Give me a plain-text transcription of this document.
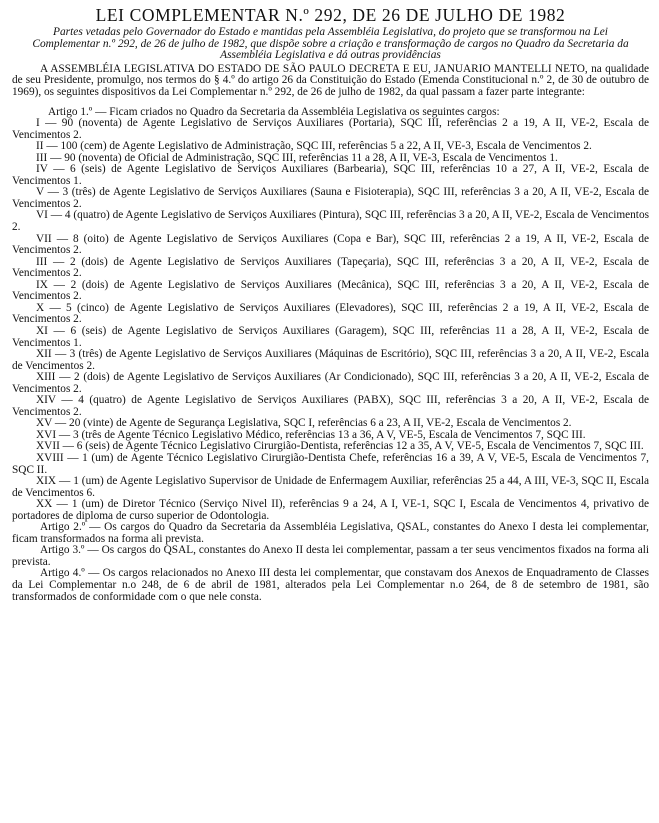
LEI COMPLEMENTAR N.º 292, DE 26 DE JULHO DE 1982
Partes vetadas pelo Governador do Estado e mantidas pela Assembléia Legislativa, do projeto que se transformou na Lei Complementar n.º 292, de 26 de julho de 1982, que dispõe sobre a criação e transformação de cargos no Quadro da Secretaria da Assembléia Legislativa e dá outras providências
A ASSEMBLÉIA LEGISLATIVA DO ESTADO DE SÃO PAULO DECRETA E EU, JANUARIO MANTELLI NETO, na qualidade de seu Presidente, promulgo, nos termos do § 4.º do artigo 26 da Constituição do Estado (Emenda Constitucional n.º 2, de 30 de outubro de 1969), os seguintes dispositivos da Lei Complementar n.º 292, de 26 de julho de 1982, da qual passam a fazer parte integrante:
Artigo 1.º — Ficam criados no Quadro da Secretaria da Assembléia Legislativa os seguintes cargos:
I — 90 (noventa) de Agente Legislativo de Serviços Auxiliares (Portaria), SQC III, referências 2 a 19, A II, VE-2, Escala de Vencimentos 2.
II — 100 (cem) de Agente Legislativo de Administração, SQC III, referências 5 a 22, A II, VE-3, Escala de Vencimentos 2.
III — 90 (noventa) de Oficial de Administração, SQC III, referências 11 a 28, A II, VE-3, Escala de Vencimentos 1.
IV — 6 (seis) de Agente Legislativo de Serviços Auxiliares (Barbearia), SQC III, referências 10 a 27, A II, VE-2, Escala de Vencimentos 1.
V — 3 (três) de Agente Legislativo de Serviços Auxiliares (Sauna e Fisioterapia), SQC III, referências 3 a 20, A II, VE-2, Escala de Vencimentos 2.
VI — 4 (quatro) de Agente Legislativo de Serviços Auxiliares (Pintura), SQC III, referências 3 a 20, A II, VE-2, Escala de Vencimentos 2.
VII — 8 (oito) de Agente Legislativo de Serviços Auxiliares (Copa e Bar), SQC III, referências 2 a 19, A II, VE-2, Escala de Vencimentos 2.
III — 2 (dois) de Agente Legislativo de Serviços Auxiliares (Tapeçaria), SQC III, referências 3 a 20, A II, VE-2, Escala de Vencimentos 2.
IX — 2 (dois) de Agente Legislativo de Serviços Auxiliares (Mecânica), SQC III, referências 3 a 20, A II, VE-2, Escala de Vencimentos 2.
X — 5 (cinco) de Agente Legislativo de Serviços Auxiliares (Elevadores), SQC III, referências 2 a 19, A II, VE-2, Escala de Vencimentos 2.
XI — 6 (seis) de Agente Legislativo de Serviços Auxiliares (Garagem), SQC III, referências 11 a 28, A II, VE-2, Escala de Vencimentos 1.
XII — 3 (três) de Agente Legislativo de Serviços Auxiliares (Máquinas de Escritório), SQC III, referências 3 a 20, A II, VE-2, Escala de Vencimentos 2.
XIII — 2 (dois) de Agente Legislativo de Serviços Auxiliares (Ar Condicionado), SQC III, referências 3 a 20, A II, VE-2, Escala de Vencimentos 2.
XIV — 4 (quatro) de Agente Legislativo de Serviços Auxiliares (PABX), SQC III, referências 3 a 20, A II, VE-2, Escala de Vencimentos 2.
XV — 20 (vinte) de Agente de Segurança Legislativa, SQC I, referências 6 a 23, A II, VE-2, Escala de Vencimentos 2.
XVI — 3 (três de Agente Técnico Legislativo Médico, referências 13 a 36, A V, VE-5, Escala de Vencimentos 7, SQC III.
XVII — 6 (seis) de Agente Técnico Legislativo Cirurgião-Dentista, referências 12 a 35, A V, VE-5, Escala de Vencimentos 7, SQC III.
XVIII — 1 (um) de Agente Técnico Legislativo Cirurgião-Dentista Chefe, referências 16 a 39, A V, VE-5, Escala de Vencimentos 7, SQC II.
XIX — 1 (um) de Agente Legislativo Supervisor de Unidade de Enfermagem Auxiliar, referências 25 a 44, A III, VE-3, SQC II, Escala de Vencimentos 6.
XX — 1 (um) de Diretor Técnico (Serviço Nivel II), referências 9 a 24, A I, VE-1, SQC I, Escala de Vencimentos 4, privativo de portadores de diploma de curso superior de Odontologia.
Artigo 2.º — Os cargos do Quadro da Secretaria da Assembléia Legislativa, QSAL, constantes do Anexo I desta lei complementar, ficam transformados na forma ali prevista.
Artigo 3.º — Os cargos do QSAL, constantes do Anexo II desta lei complementar, passam a ter seus vencimentos fixados na forma ali prevista.
Artigo 4.º — Os cargos relacionados no Anexo III desta lei complementar, que constavam dos Anexos de Enquadramento de Classes da Lei Complementar n.o 248, de 6 de abril de 1981, alterados pela Lei Complementar n.o 264, de 8 de setembro de 1981, são transformados de conformidade com o que nele consta.
